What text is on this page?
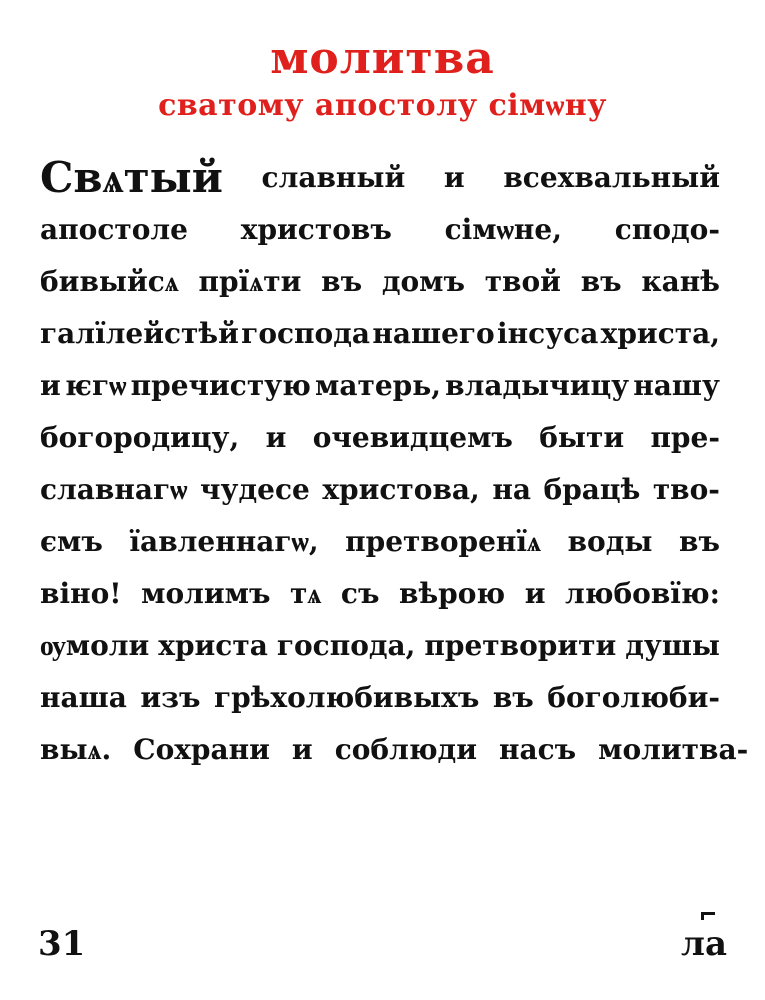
молитва
сватому апостолу сімѡну
Свѧтый славный и всехвальный
апостоле христовъ сімѡне, сподо-
бивыйсѧ прїѧти въ домъ твой въ канѣ
галїлейстѣй господа нашего інсуса христа,
и ѥгѡ пречистую матерь, владычицу нашу
богородицу, и очевидцемъ быти пре-
славнагѡ чудесе христова, на брацѣ тво-
ємъ їавленнагѡ, претворенїѧ воды въ
віно! молимъ тѧ съ вѣрою и любовїю:
ѹмоли христа господа, претворити душы
наша изъ грѣхолюбивыхъ въ боголюби-
выѧ. Сохрани и соблюди насъ молитва-
31	ла
